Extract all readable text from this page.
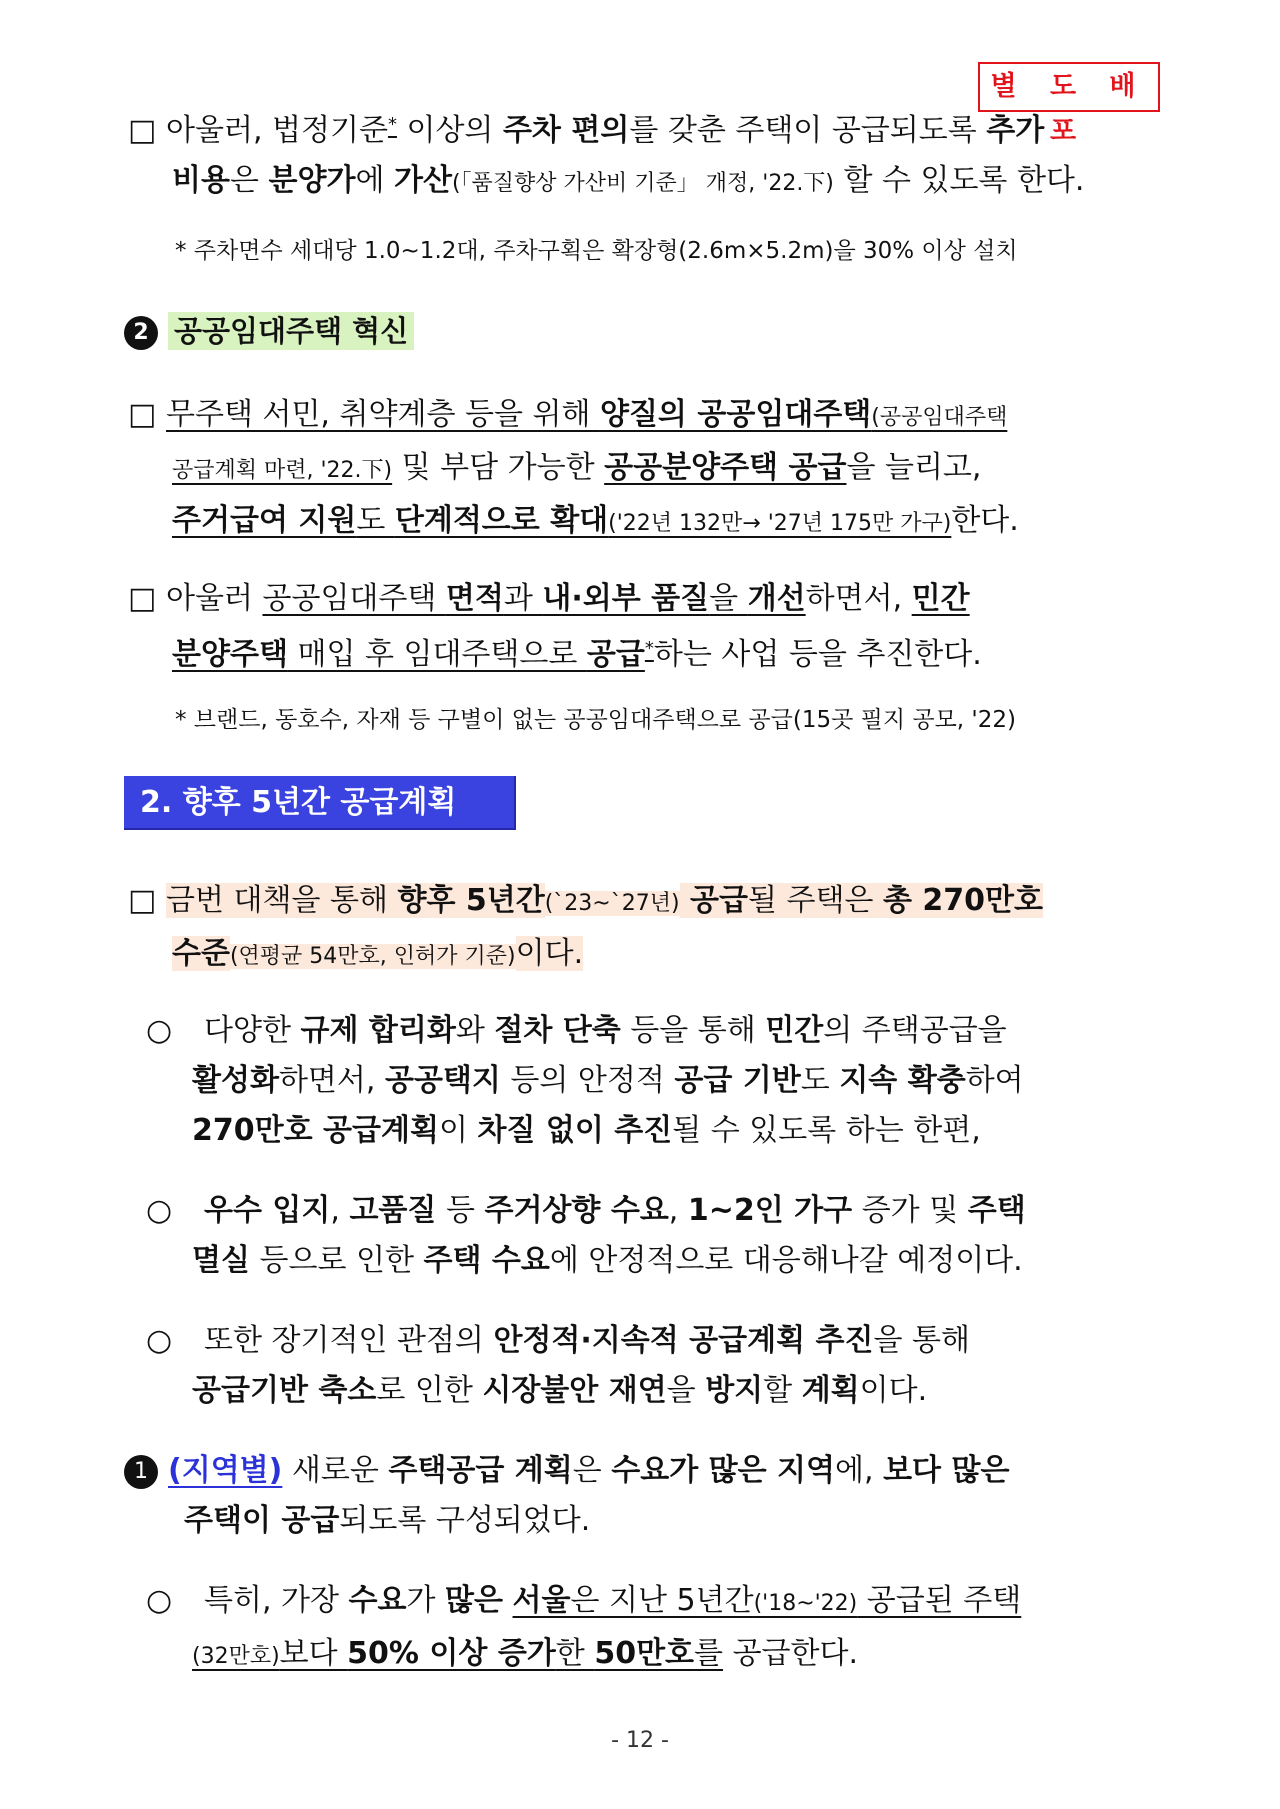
별 도 배 포
□ 아울러, 법정기준* 이상의 주차 편의를 갖춘 주택이 공급되도록 추가
비용은 분양가에 가산(「품질향상 가산비 기준」 개정, '22.下) 할 수 있도록 한다.
* 주차면수 세대당 1.0~1.2대, 주차구획은 확장형(2.6m×5.2m)을 30% 이상 설치
2 공공임대주택 혁신
□ 무주택 서민, 취약계층 등을 위해 양질의 공공임대주택(공공임대주택
공급계획 마련, '22.下) 및 부담 가능한 공공분양주택 공급을 늘리고,
주거급여 지원도 단계적으로 확대('22년 132만→ '27년 175만 가구)한다.
□ 아울러 공공임대주택 면적과 내·외부 품질을 개선하면서, 민간
분양주택 매입 후 임대주택으로 공급*하는 사업 등을 추진한다.
* 브랜드, 동호수, 자재 등 구별이 없는 공공임대주택으로 공급(15곳 필지 공모, '22)
2. 향후 5년간 공급계획
□ 금번 대책을 통해 향후 5년간(`23~`27년) 공급될 주택은 총 270만호
수준(연평균 54만호, 인허가 기준)이다.
○ 다양한 규제 합리화와 절차 단축 등을 통해 민간의 주택공급을
활성화하면서, 공공택지 등의 안정적 공급 기반도 지속 확충하여
270만호 공급계획이 차질 없이 추진될 수 있도록 하는 한편,
○ 우수 입지, 고품질 등 주거상향 수요, 1~2인 가구 증가 및 주택
멸실 등으로 인한 주택 수요에 안정적으로 대응해나갈 예정이다.
○ 또한 장기적인 관점의 안정적·지속적 공급계획 추진을 통해
공급기반 축소로 인한 시장불안 재연을 방지할 계획이다.
1 (지역별) 새로운 주택공급 계획은 수요가 많은 지역에, 보다 많은
주택이 공급되도록 구성되었다.
○ 특히, 가장 수요가 많은 서울은 지난 5년간('18~'22) 공급된 주택
(32만호)보다 50% 이상 증가한 50만호를 공급한다.
- 12 -
